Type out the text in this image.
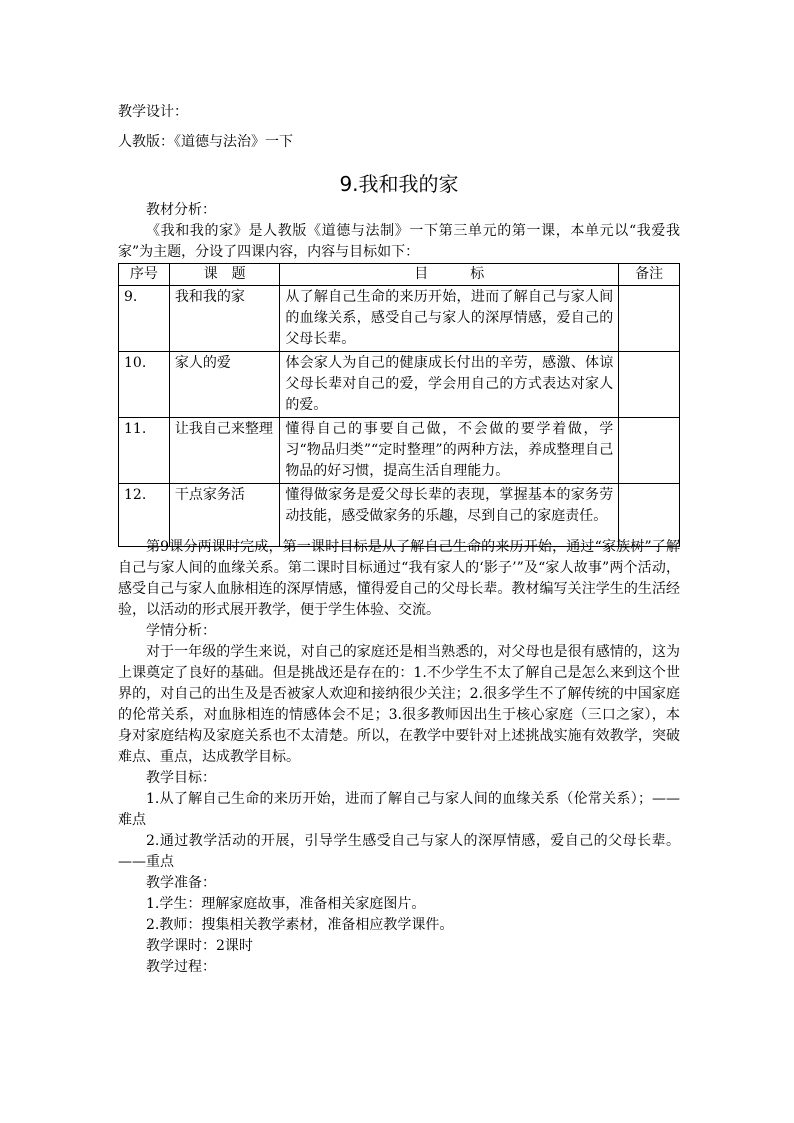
教学设计：
人教版：《道德与法治》一下
9.我和我的家

教材分析：

《我和我的家》是人教版《道德与法制》一下第三单元的第一课，本单元以“我爱我家”为主题，分设了四课内容，内容与目标如下：

序号	课　题	目　　　标	备注
9.	我和我的家	从了解自己生命的来历开始，进而了解自己与家人间的血缘关系，感受自己与家人的深厚情感，爱自己的父母长辈。	
10.	家人的爱	体会家人为自己的健康成长付出的辛劳，感激、体谅父母长辈对自己的爱，学会用自己的方式表达对家人的爱。	
11.	让我自己来整理	懂得自己的事要自己做，不会做的要学着做，学习“物品归类”“定时整理”的两种方法，养成整理自己物品的好习惯，提高生活自理能力。	
12.	干点家务活	懂得做家务是爱父母长辈的表现，掌握基本的家务劳动技能，感受做家务的乐趣，尽到自己的家庭责任。	

第9课分两课时完成，第一课时目标是从了解自己生命的来历开始，通过“家族树”了解自己与家人间的血缘关系。第二课时目标通过“我有家人的‘影子’”及“家人故事”两个活动，感受自己与家人血脉相连的深厚情感，懂得爱自己的父母长辈。教材编写关注学生的生活经验，以活动的形式展开教学，便于学生体验、交流。

学情分析：

对于一年级的学生来说，对自己的家庭还是相当熟悉的，对父母也是很有感情的，这为上课奠定了良好的基础。但是挑战还是存在的：1.不少学生不太了解自己是怎么来到这个世界的，对自己的出生及是否被家人欢迎和接纳很少关注；2.很多学生不了解传统的中国家庭的伦常关系，对血脉相连的情感体会不足；3.很多教师因出生于核心家庭（三口之家），本身对家庭结构及家庭关系也不太清楚。所以，在教学中要针对上述挑战实施有效教学，突破难点、重点，达成教学目标。

教学目标：

1.从了解自己生命的来历开始，进而了解自己与家人间的血缘关系（伦常关系）；——难点

2.通过教学活动的开展，引导学生感受自己与家人的深厚情感，爱自己的父母长辈。——重点

教学准备：

1.学生：理解家庭故事，准备相关家庭图片。

2.教师：搜集相关教学素材，准备相应教学课件。

教学课时：2课时

教学过程：
